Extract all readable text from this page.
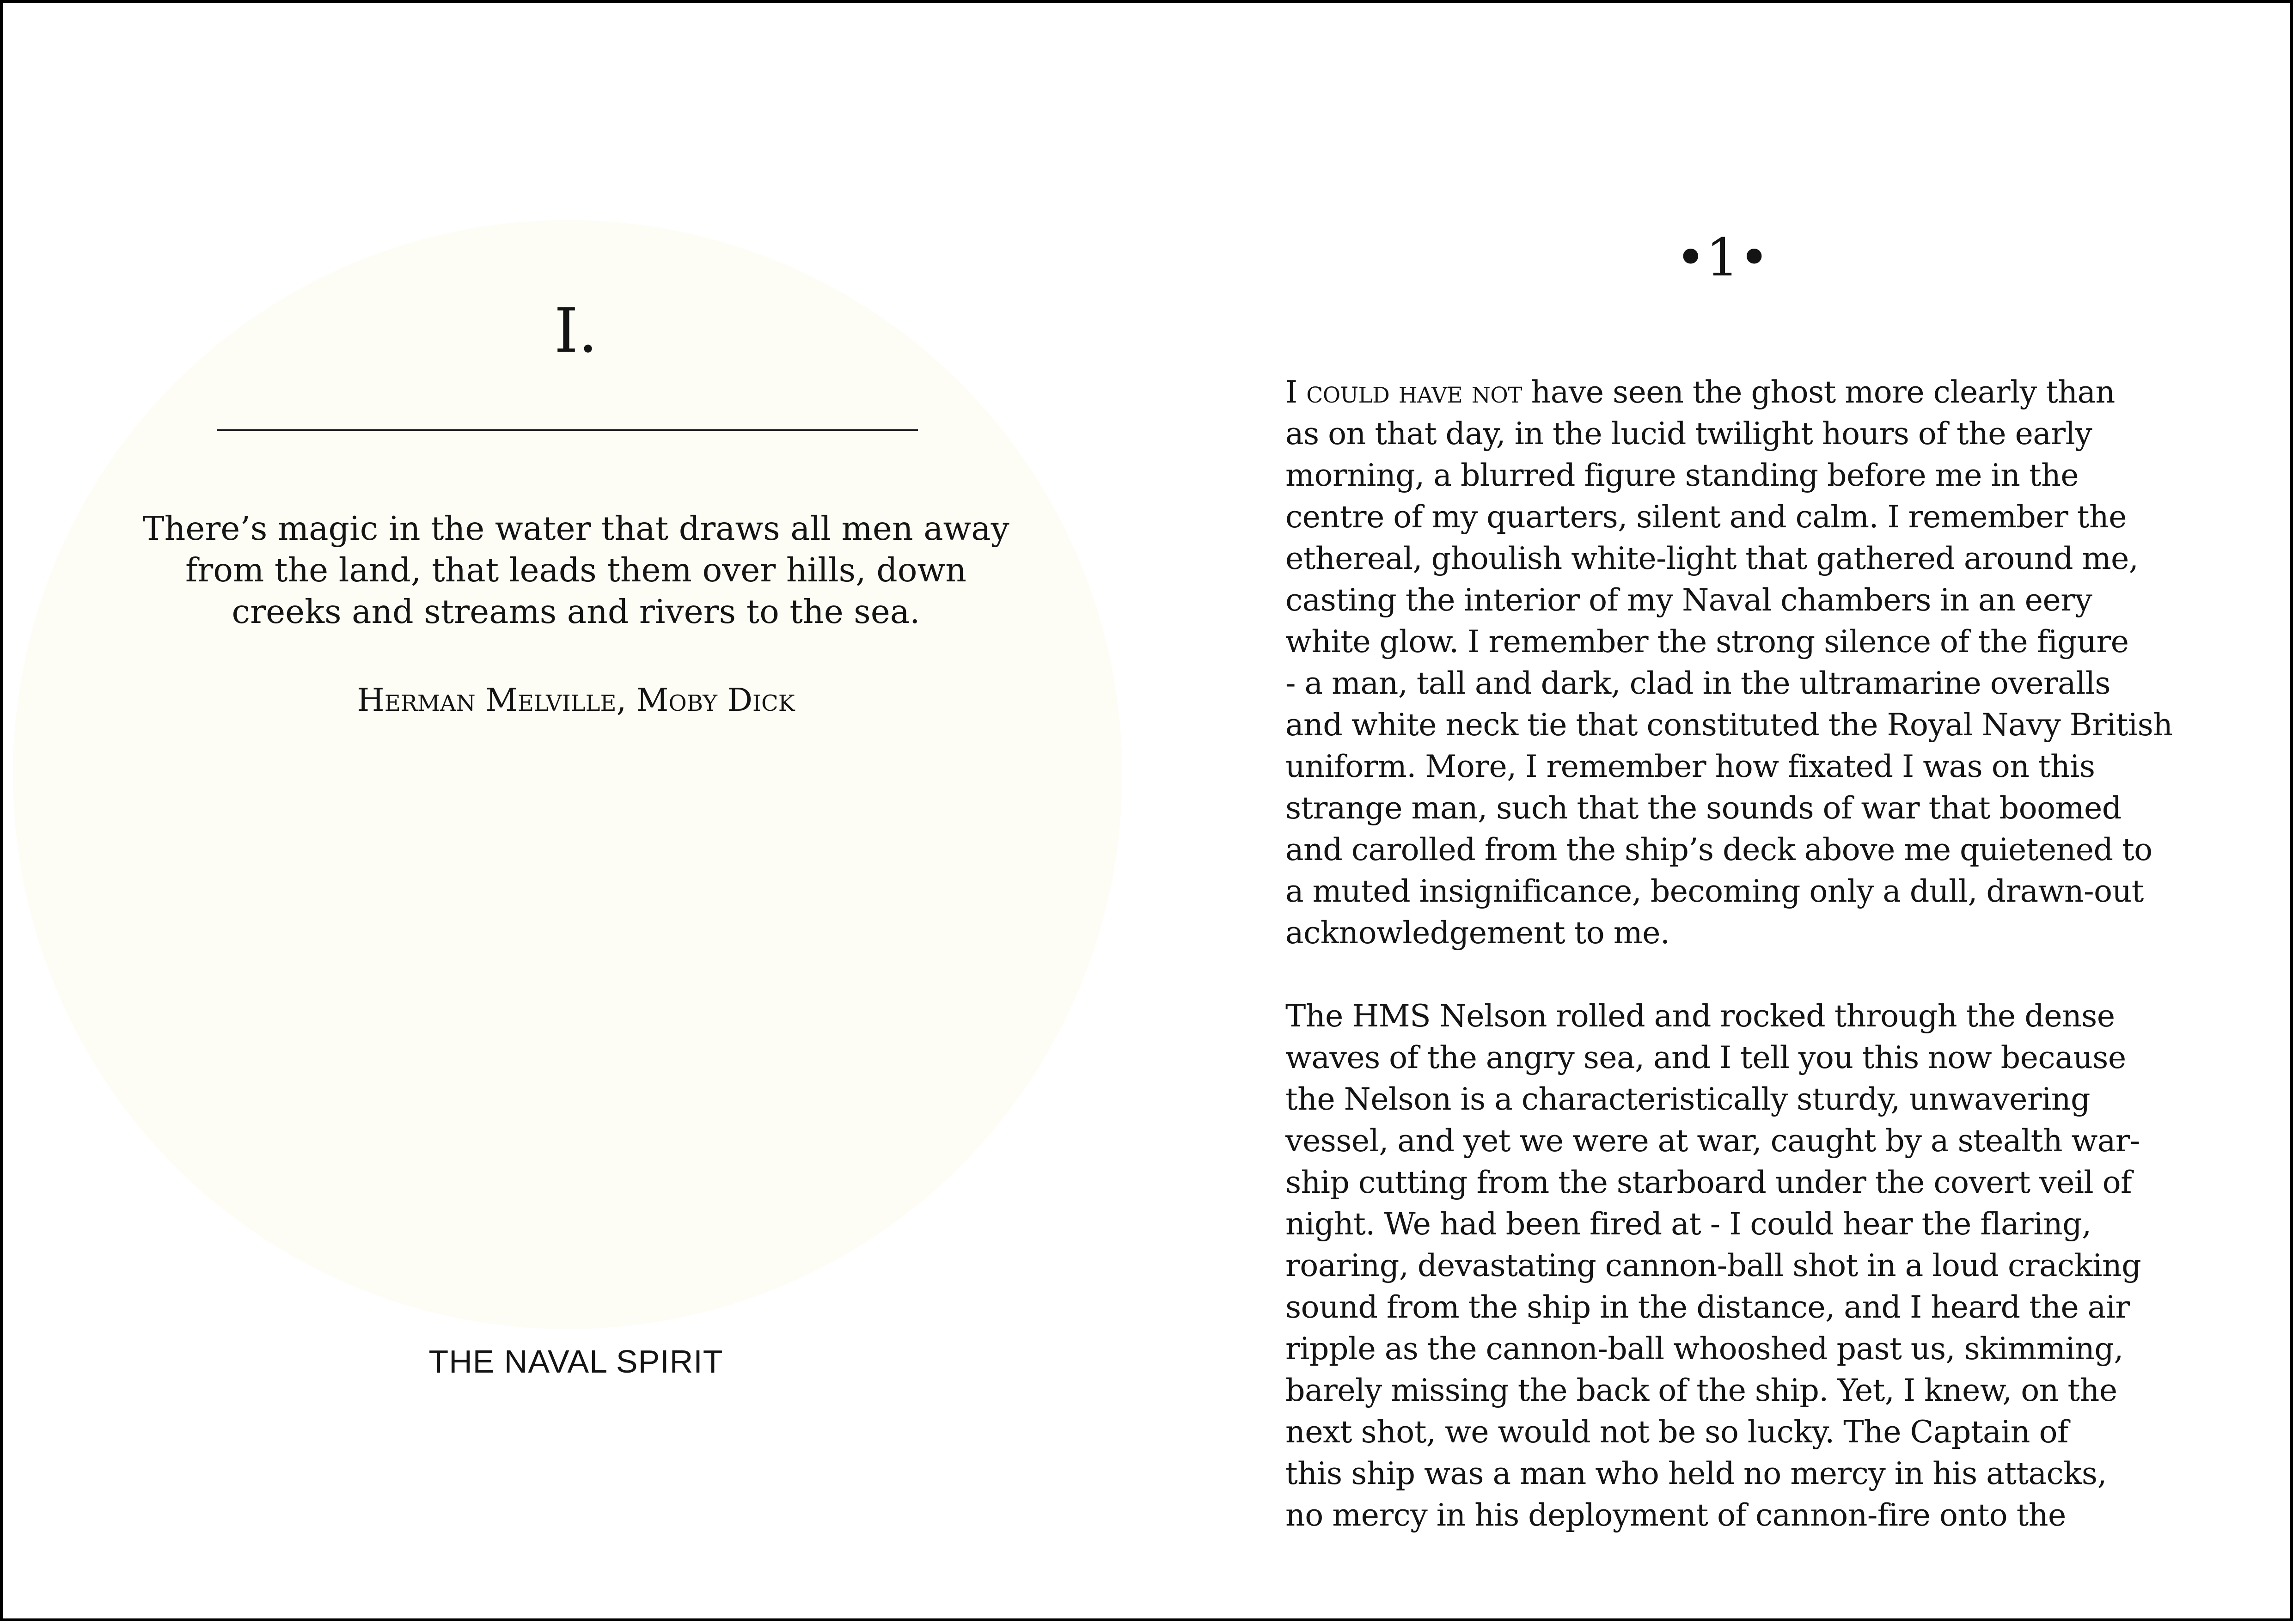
I.
There’s magic in the water that draws all men away from the land, that leads them over hills, down creeks and streams and rivers to the sea.
Herman Melville, Moby Dick
THE NAVAL SPIRIT
•1•
I could have not have seen the ghost more clearly than
as on that day, in the lucid twilight hours of the early
morning, a blurred figure standing before me in the
centre of my quarters, silent and calm. I remember the
ethereal, ghoulish white-light that gathered around me,
casting the interior of my Naval chambers in an eery
white glow. I remember the strong silence of the figure
- a man, tall and dark, clad in the ultramarine overalls
and white neck tie that constituted the Royal Navy British
uniform. More, I remember how fixated I was on this
strange man, such that the sounds of war that boomed
and carolled from the ship’s deck above me quietened to
a muted insignificance, becoming only a dull, drawn-out
acknowledgement to me.
The HMS Nelson rolled and rocked through the dense
waves of the angry sea, and I tell you this now because
the Nelson is a characteristically sturdy, unwavering
vessel, and yet we were at war, caught by a stealth war-
ship cutting from the starboard under the covert veil of
night. We had been fired at - I could hear the flaring,
roaring, devastating cannon-ball shot in a loud cracking
sound from the ship in the distance, and I heard the air
ripple as the cannon-ball whooshed past us, skimming,
barely missing the back of the ship. Yet, I knew, on the
next shot, we would not be so lucky. The Captain of
this ship was a man who held no mercy in his attacks,
no mercy in his deployment of cannon-fire onto the
